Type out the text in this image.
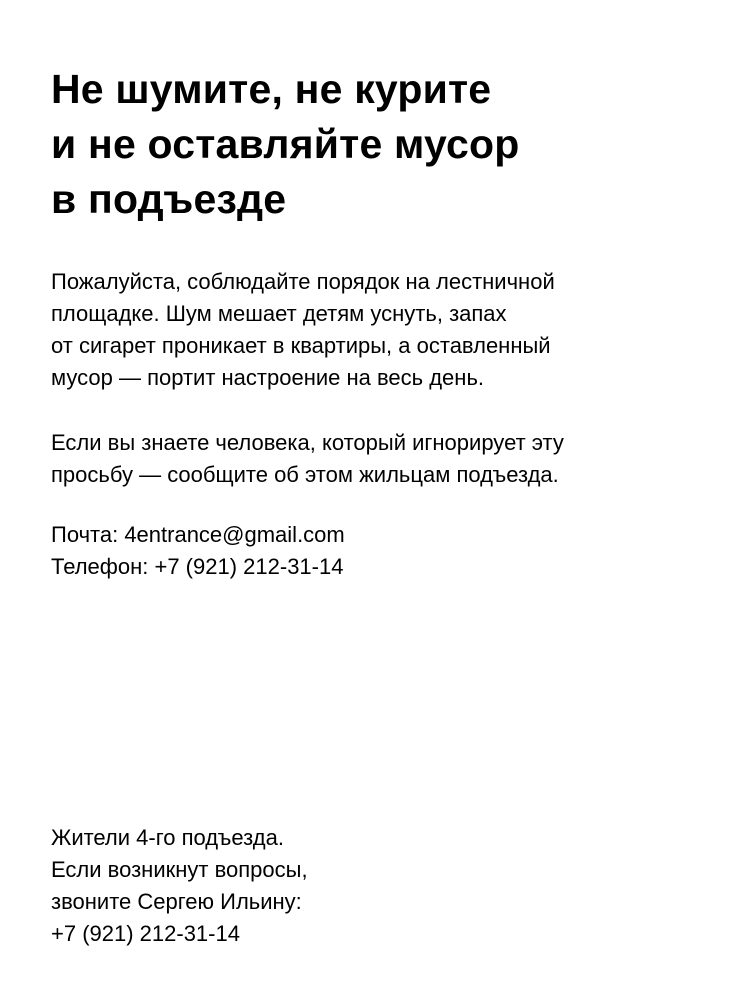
Не шумите, не курите
и не оставляйте мусор
в подъезде

Пожалуйста, соблюдайте порядок на лестничной
площадке. Шум мешает детям уснуть, запах
от сигарет проникает в квартиры, а оставленный
мусор — портит настроение на весь день.

Если вы знаете человека, который игнорирует эту
просьбу — сообщите об этом жильцам подъезда.

Почта: 4entrance@gmail.com
Телефон: +7 (921) 212-31-14

Жители 4-го подъезда.
Если возникнут вопросы,
звоните Сергею Ильину:
+7 (921) 212-31-14
